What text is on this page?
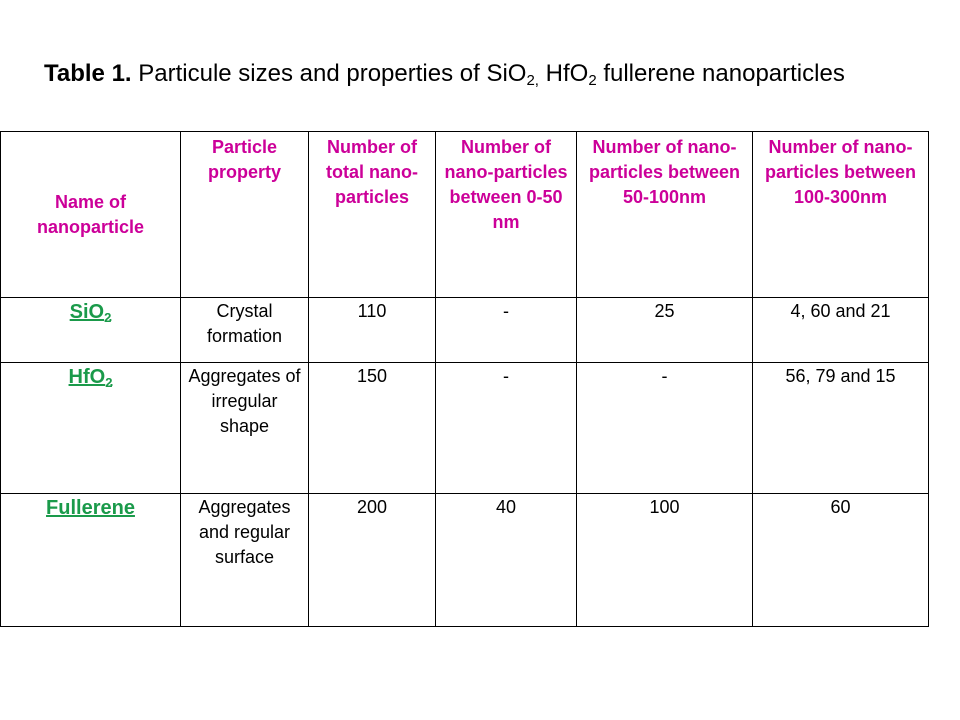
Table 1. Particule sizes and properties of SiO$_{2,}$ HfO$_2$ fullerene nanoparticles
Name of nanoparticle	Particle property	Number of total nano-particles	Number of nano-particles between 0-50 nm	Number of nano-particles between 50-100nm	Number of nano-particles between 100-300nm
SiO$_2$	Crystal formation	110	-	25	4, 60 and 21
HfO$_2$	Aggregates of irregular shape	150	-	-	56, 79 and 15
Fullerene	Aggregates and regular surface	200	40	100	60
